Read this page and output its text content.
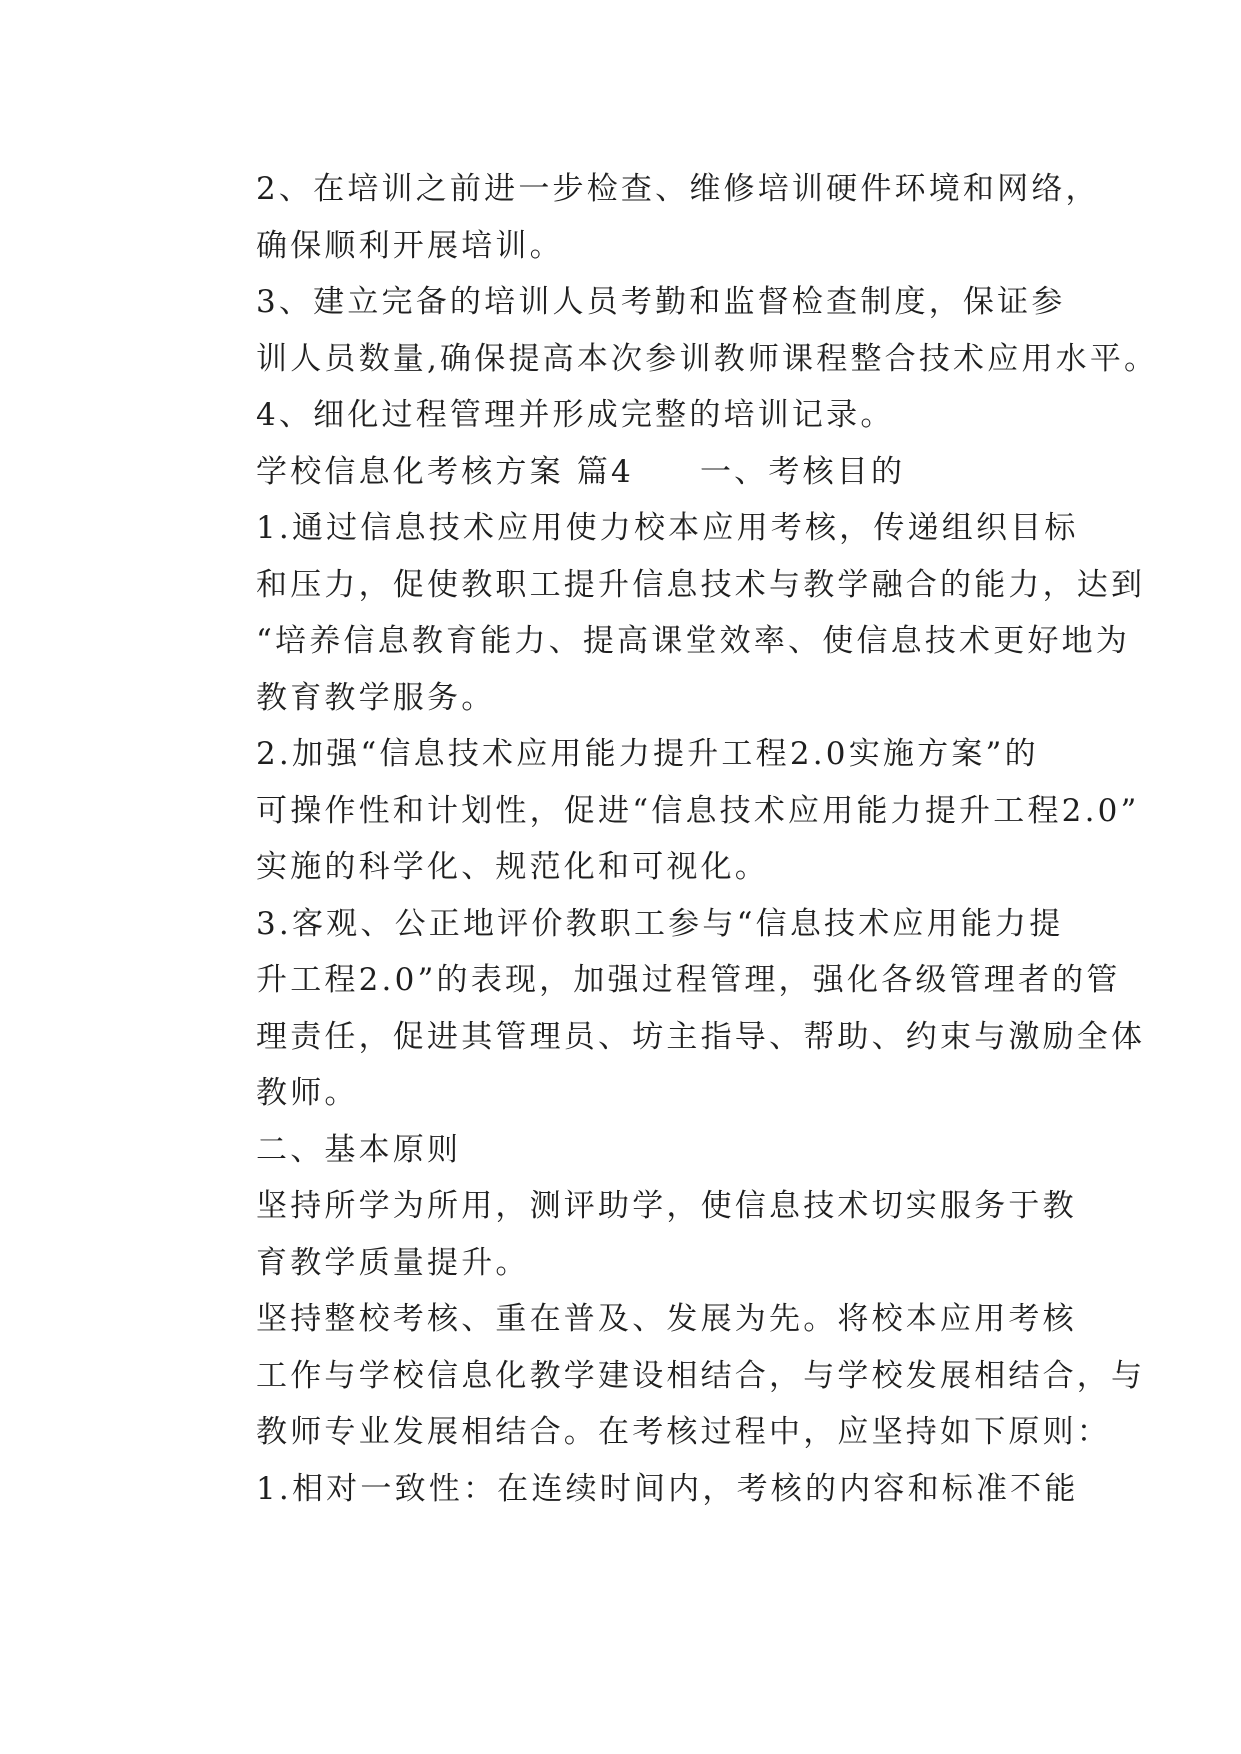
2、在培训之前进一步检查、维修培训硬件环境和网络，
确保顺利开展培训。

3、建立完备的培训人员考勤和监督检查制度，保证参
训人员数量,确保提高本次参训教师课程整合技术应用水平。

4、细化过程管理并形成完整的培训记录。

学校信息化考核方案 篇4 一、考核目的

1.通过信息技术应用使力校本应用考核，传递组织目标
和压力，促使教职工提升信息技术与教学融合的能力，达到
“培养信息教育能力、提高课堂效率、使信息技术更好地为
教育教学服务。

2.加强“信息技术应用能力提升工程2.0实施方案”的
可操作性和计划性，促进“信息技术应用能力提升工程2.0”
实施的科学化、规范化和可视化。

3.客观、公正地评价教职工参与“信息技术应用能力提
升工程2.0”的表现，加强过程管理，强化各级管理者的管
理责任，促进其管理员、坊主指导、帮助、约束与激励全体
教师。

二、基本原则

坚持所学为所用，测评助学，使信息技术切实服务于教
育教学质量提升。

坚持整校考核、重在普及、发展为先。将校本应用考核
工作与学校信息化教学建设相结合，与学校发展相结合，与
教师专业发展相结合。在考核过程中，应坚持如下原则：

1.相对一致性：在连续时间内，考核的内容和标准不能
